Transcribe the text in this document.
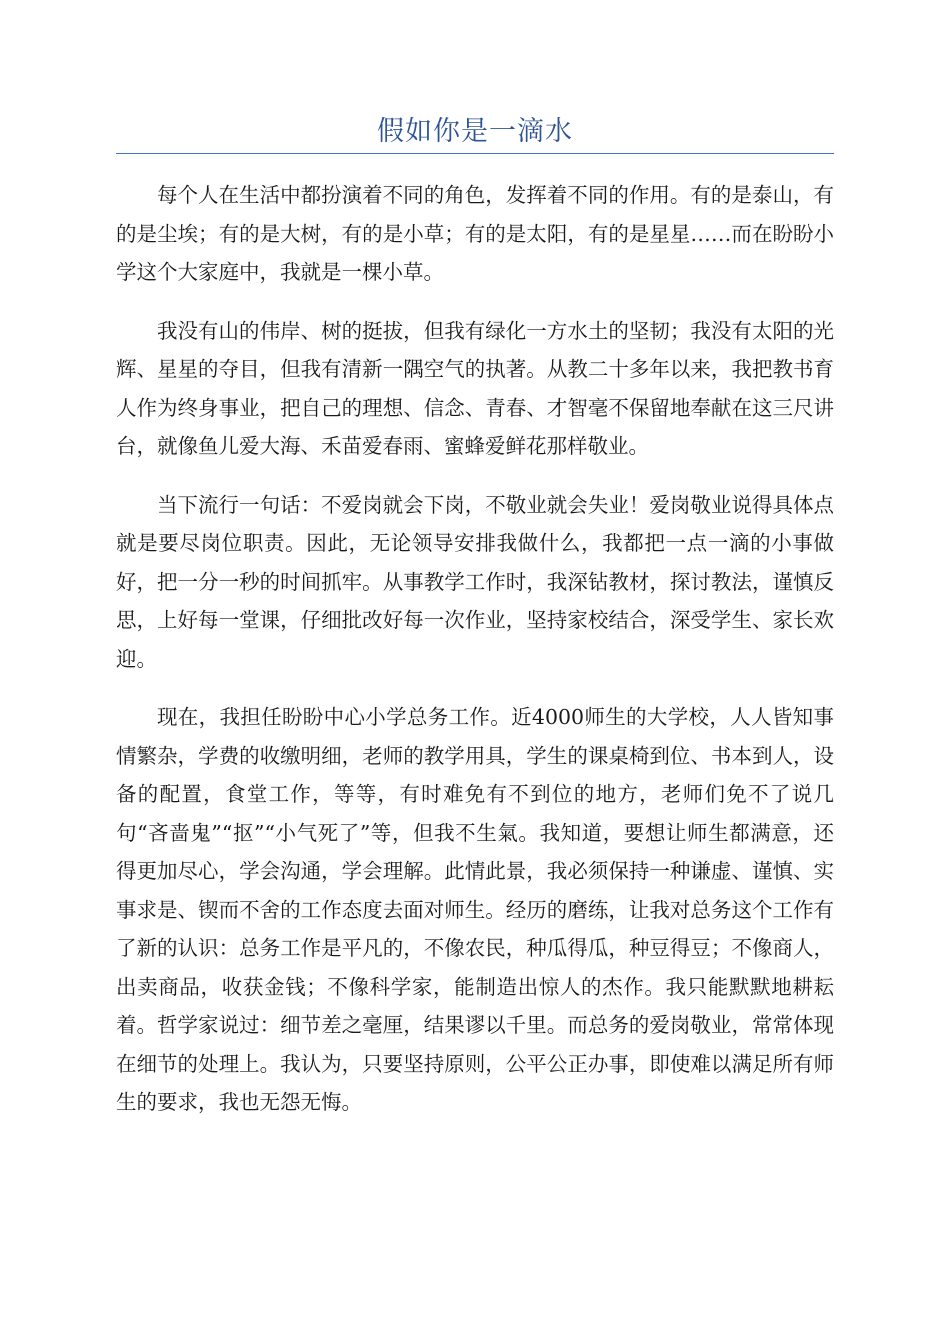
假如你是一滴水

每个人在生活中都扮演着不同的角色，发挥着不同的作用。有的是泰山，有的是尘埃；有的是大树，有的是小草；有的是太阳，有的是星星……而在盼盼小学这个大家庭中，我就是一棵小草。

我没有山的伟岸、树的挺拔，但我有绿化一方水土的坚韧；我没有太阳的光辉、星星的夺目，但我有清新一隅空气的执著。从教二十多年以来，我把教书育人作为终身事业，把自己的理想、信念、青春、才智毫不保留地奉献在这三尺讲台，就像鱼儿爱大海、禾苗爱春雨、蜜蜂爱鲜花那样敬业。

当下流行一句话：不爱岗就会下岗，不敬业就会失业！爱岗敬业说得具体点就是要尽岗位职责。因此，无论领导安排我做什么，我都把一点一滴的小事做好，把一分一秒的时间抓牢。从事教学工作时，我深钻教材，探讨教法，谨慎反思，上好每一堂课，仔细批改好每一次作业，坚持家校结合，深受学生、家长欢迎。

现在，我担任盼盼中心小学总务工作。近4000师生的大学校，人人皆知事情繁杂，学费的收缴明细，老师的教学用具，学生的课桌椅到位、书本到人，设备的配置，食堂工作，等等，有时难免有不到位的地方，老师们免不了说几句“吝啬鬼”“抠”“小气死了”等，但我不生氣。我知道，要想让师生都满意，还得更加尽心，学会沟通，学会理解。此情此景，我必须保持一种谦虚、谨慎、实事求是、锲而不舍的工作态度去面对师生。经历的磨练，让我对总务这个工作有了新的认识：总务工作是平凡的，不像农民，种瓜得瓜，种豆得豆；不像商人，出卖商品，收获金钱；不像科学家，能制造出惊人的杰作。我只能默默地耕耘着。哲学家说过：细节差之毫厘，结果谬以千里。而总务的爱岗敬业，常常体现在细节的处理上。我认为，只要坚持原则，公平公正办事，即使难以满足所有师生的要求，我也无怨无悔。
